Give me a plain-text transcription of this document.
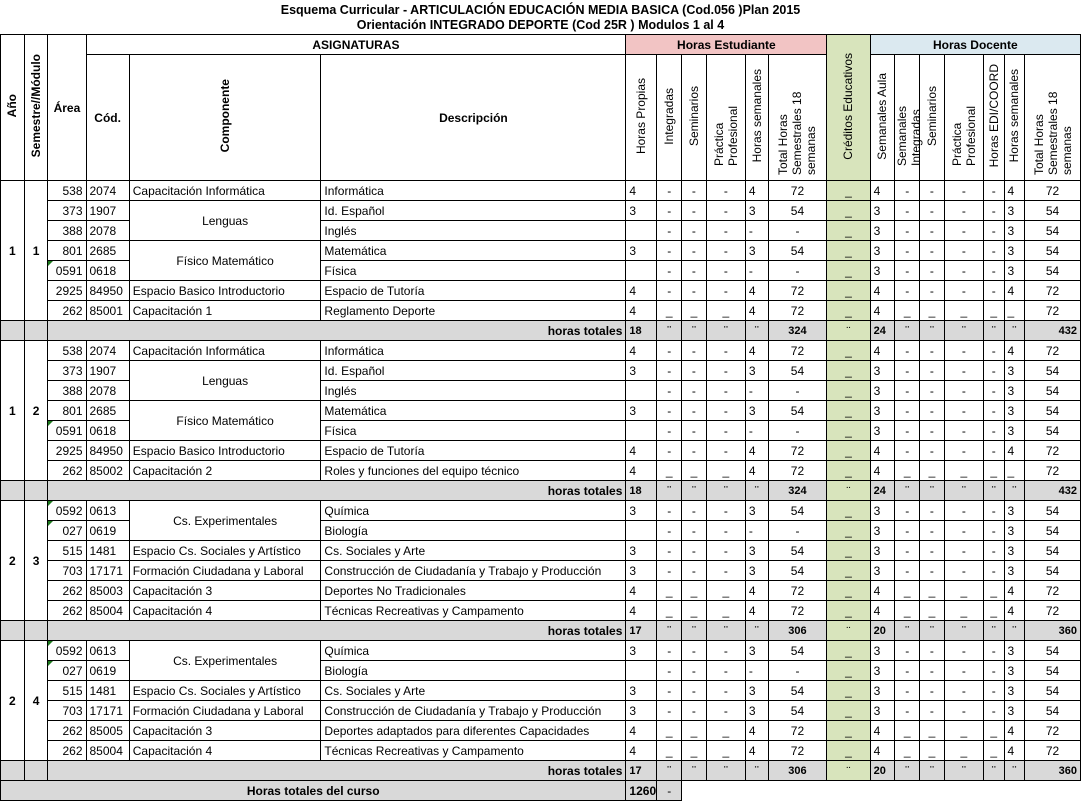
Esquema Curricular - ARTICULACIÓN EDUCACIÓN MEDIA BASICA (Cod.056 )Plan 2015
Orientación INTEGRADO DEPORTE (Cod 25R ) Modulos 1 al 4
Año	Semestre//Módulo	Área	ASIGNATURAS			Horas Estudiante						Créditos Educativos	Horas Docente						
			Cód.	Componente	Descripción	Horas Propias	Integradas	Seminarios	Práctica Profesional	Horas semanales	Total Horas Semestrales 18 semanas		Semanales Aula	Semanales Integradas	Seminarios	Práctica Profesional	Horas EDI/COORD	Horas semanales	Total Horas Semestrales 18 semanas
1	1	538	2074	Capacitación Informática	Informática	4	-	-	-	4	72	_	4	-	-	-	-	4	72
		373	1907	Lenguas	Id. Español	3	-	-	-	3	54	_	3	-	-	-	-	3	54
		388	2078		Inglés		-	-	-	-	-	_	3	-	-	-	-	3	54
		801	2685	Físico Matemático	Matemática	3	-	-	-	3	54	_	3	-	-	-	-	3	54
		0591	0618		Física		-	-	-	-	-	_	3	-	-	-	-	3	54
		2925	84950	Espacio Basico Introductorio	Espacio de Tutoría	4	-	-	-	4	72	_	4	-	-	-	-	4	72
		262	85001	Capacitación 1	Reglamento Deporte	4	_	_	_	4	72	_	4	_	_	_	_	_	72
		horas totales				18	¨	¨	¨	¨	324	¨	24	¨	¨	¨	¨	¨	432
1	2	538	2074	Capacitación Informática	Informática	4	-	-	-	4	72	_	4	-	-	-	-	4	72
		373	1907	Lenguas	Id. Español	3	-	-	-	3	54	_	3	-	-	-	-	3	54
		388	2078		Inglés		-	-	-	-	-	_	3	-	-	-	-	3	54
		801	2685	Físico Matemático	Matemática	3	-	-	-	3	54	_	3	-	-	-	-	3	54
		0591	0618		Física		-	-	-	-	-	_	3	-	-	-	-	3	54
		2925	84950	Espacio Basico Introductorio	Espacio de Tutoría	4	-	-	-	4	72	_	4	-	-	-	-	4	72
		262	85002	Capacitación 2	Roles y funciones del equipo técnico	4	_	_	_	4	72	_	4	_	_	_	_	_	72
		horas totales				18	¨	¨	¨	¨	324	¨	24	¨	¨	¨	¨	¨	432
2	3	0592	0613	Cs. Experimentales	Química	3	-	-	-	3	54	_	3	-	-	-	-	3	54
		027	0619		Biología		-	-	-	-	-	_	3	-	-	-	-	3	54
		515	1481	Espacio Cs. Sociales y Artístico	Cs. Sociales y Arte	3	-	-	-	3	54	_	3	-	-	-	-	3	54
		703	17171	Formación Ciudadana y Laboral	Construcción de Ciudadanía y Trabajo y Producción	3	-	-	-	3	54	_	3	-	-	-	-	3	54
		262	85003	Capacitación 3	Deportes No Tradicionales	4	_	_	_	4	72	_	4	_	_	_	_	4	72
		262	85004	Capacitación 4	Técnicas Recreativas y Campamento	4	_	_	_	4	72	_	4	_	_	_	_	4	72
		horas totales				17	¨	¨	¨	¨	306	¨	20	¨	¨	¨	¨	¨	360
2	4	0592	0613	Cs. Experimentales	Química	3	-	-	-	3	54	_	3	-	-	-	-	3	54
		027	0619		Biología		-	-	-	-	-	_	3	-	-	-	-	3	54
		515	1481	Espacio Cs. Sociales y Artístico	Cs. Sociales y Arte	3	-	-	-	3	54	_	3	-	-	-	-	3	54
		703	17171	Formación Ciudadana y Laboral	Construcción de Ciudadanía y Trabajo y Producción	3	-	-	-	3	54	_	3	-	-	-	-	3	54
		262	85005	Capacitación 3	Deportes adaptados para diferentes Capacidades	4	_	_	_	4	72	_	4	_	_	_	_	4	72
		262	85004	Capacitación 4	Técnicas Recreativas y Campamento	4	_	_	_	4	72	_	4	_	_	_	_	4	72
		horas totales				17	¨	¨	¨	¨	306	¨	20	¨	¨	¨	¨	¨	360
Horas totales del curso						1260	-												
